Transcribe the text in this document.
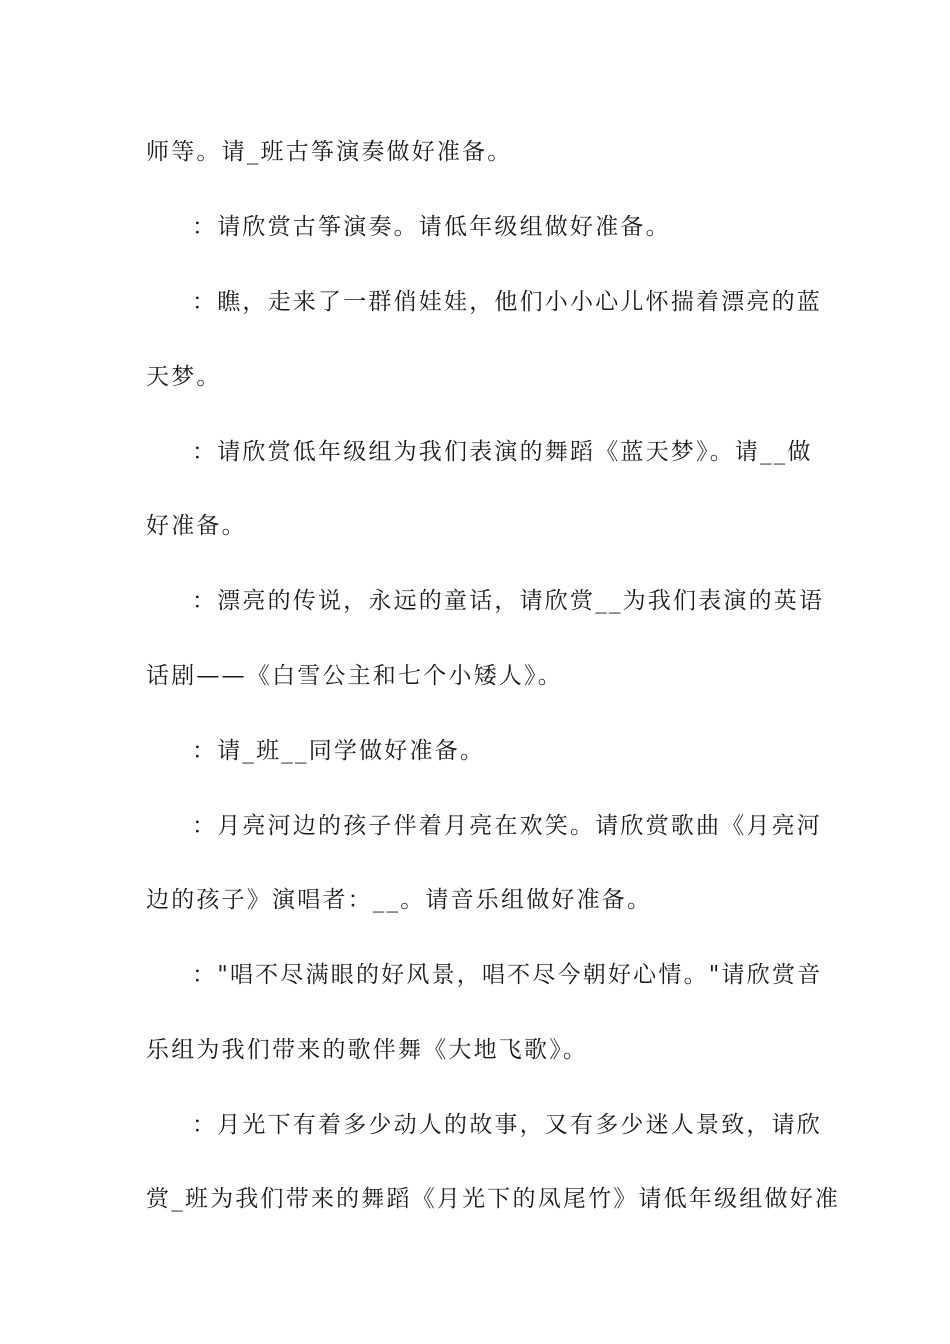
师等。请_班古筝演奏做好准备。
：请欣赏古筝演奏。请低年级组做好准备。
：瞧，走来了一群俏娃娃，他们小小心儿怀揣着漂亮的蓝
天梦。
：请欣赏低年级组为我们表演的舞蹈《蓝天梦》。请__做
好准备。
：漂亮的传说，永远的童话，请欣赏__为我们表演的英语
话剧——《白雪公主和七个小矮人》。
：请_班__同学做好准备。
：月亮河边的孩子伴着月亮在欢笑。请欣赏歌曲《月亮河
边的孩子》演唱者：__。请音乐组做好准备。
："唱不尽满眼的好风景，唱不尽今朝好心情。"请欣赏音
乐组为我们带来的歌伴舞《大地飞歌》。
：月光下有着多少动人的故事，又有多少迷人景致，请欣
赏_班为我们带来的舞蹈《月光下的凤尾竹》请低年级组做好准
